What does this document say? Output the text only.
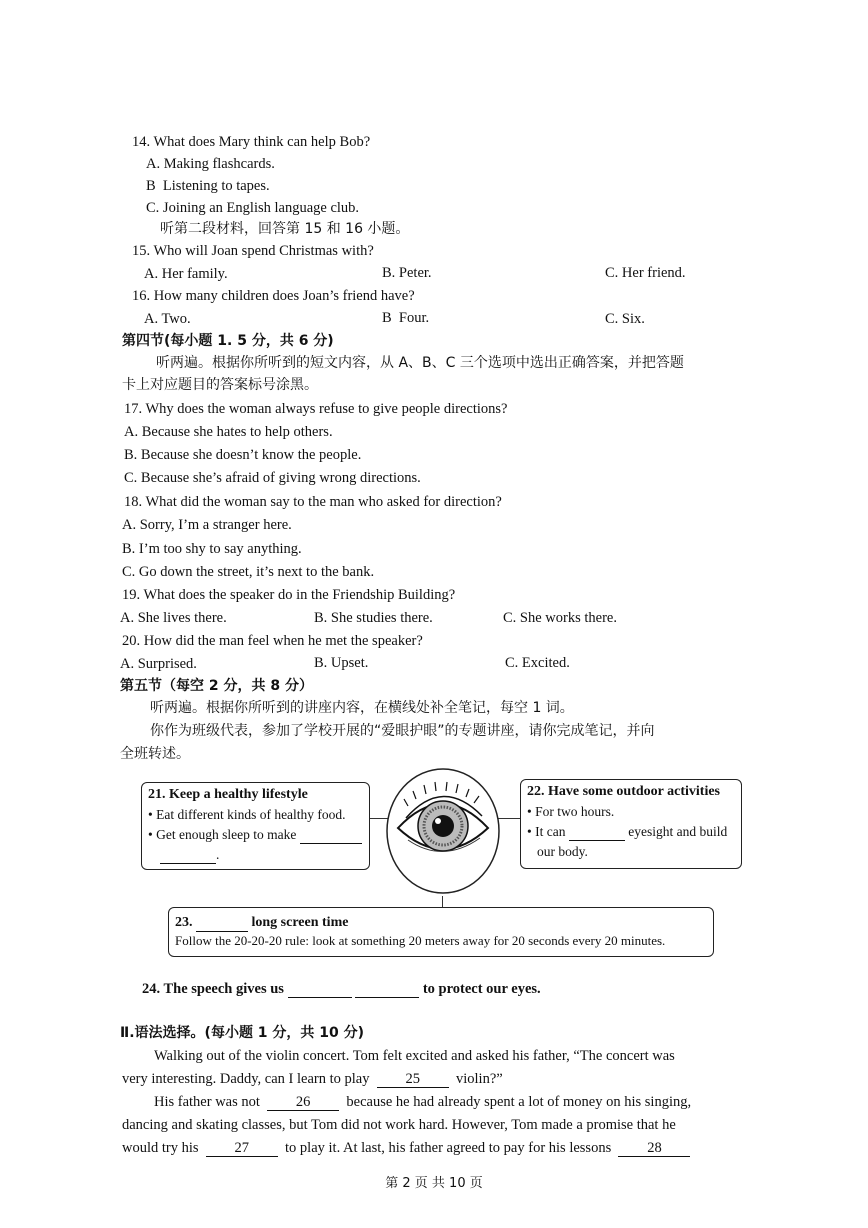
14. What does Mary think can help Bob?
A. Making flashcards.
B  Listening to tapes.
C. Joining an English language club.
听第二段材料，回答第 15 和 16 小题。
15. Who will Joan spend Christmas with?
A. Her family.	B. Peter.	C. Her friend.
16. How many children does Joan’s friend have?
A. Two.	B  Four.	C. Six.
第四节(每小题 1. 5 分，共 6 分)
听两遍。根据你所听到的短文内容，从 A、B、C 三个选项中选出正确答案，并把答题
卡上对应题目的答案标号涂黑。
17. Why does the woman always refuse to give people directions?
A. Because she hates to help others.
B. Because she doesn’t know the people.
C. Because she’s afraid of giving wrong directions.
18. What did the woman say to the man who asked for direction?
A. Sorry, I’m a stranger here.
B. I’m too shy to say anything.
C. Go down the street, it’s next to the bank.
19. What does the speaker do in the Friendship Building?
A. She lives there.	B. She studies there.	C. She works there.
20. How did the man feel when he met the speaker?
A. Surprised.	B. Upset.	C. Excited.
第五节（每空 2 分，共 8 分）
听两遍。根据你所听到的讲座内容，在横线处补全笔记，每空 1 词。
你作为班级代表，参加了学校开展的“爱眼护眼”的专题讲座，请你完成笔记，并向
全班转述。
21. Keep a healthy lifestyle
• Eat different kinds of healthy food.
• Get enough sleep to make
.
22. Have some outdoor activities
• For two hours.
• It can	eyesight and build
our body.
23.	long screen time
Follow the 20-20-20 rule: look at something 20 meters away for 20 seconds every 20 minutes.
24. The speech gives us	to protect our eyes.
Ⅱ.语法选择。(每小题 1 分，共 10 分)
Walking out of the violin concert. Tom felt excited and asked his father, “The concert was
very interesting. Daddy, can I learn to play 25 violin?”
His father was not 26 because he had already spent a lot of money on his singing,
dancing and skating classes, but Tom did not work hard. However, Tom made a promise that he
would try his 27 to play it. At last, his father agreed to pay for his lessons 28
第 2 页 共 10 页
